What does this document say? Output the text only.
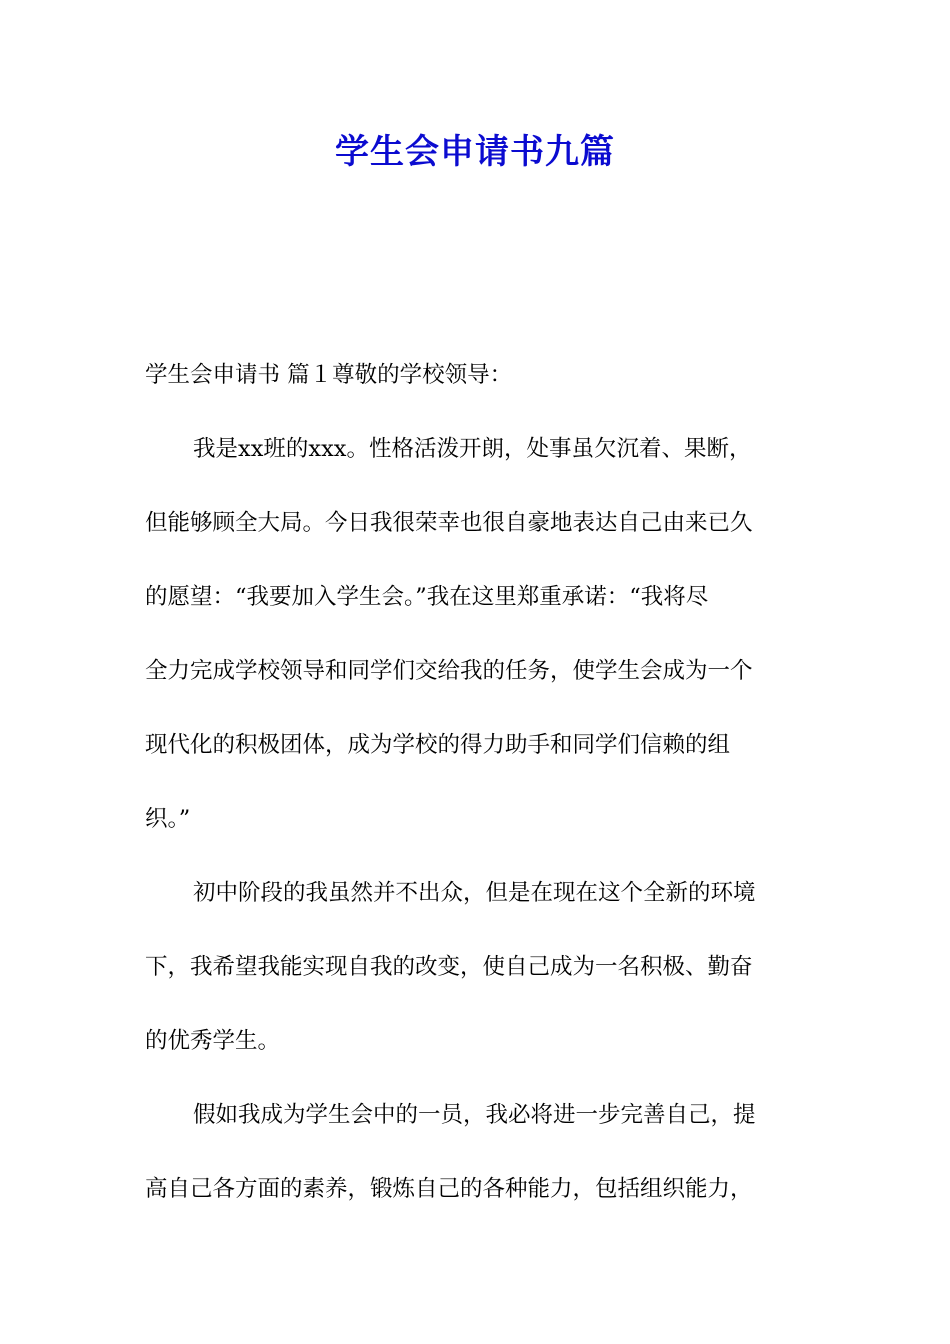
学生会申请书九篇
学生会申请书 篇１尊敬的学校领导：
我是xx班的xxx。性格活泼开朗，处事虽欠沉着、果断，
但能够顾全大局。今日我很荣幸也很自豪地表达自己由来已久
的愿望：“我要加入学生会。”我在这里郑重承诺：“我将尽
全力完成学校领导和同学们交给我的任务，使学生会成为一个
现代化的积极团体，成为学校的得力助手和同学们信赖的组
织。”
初中阶段的我虽然并不出众，但是在现在这个全新的环境
下，我希望我能实现自我的改变，使自己成为一名积极、勤奋
的优秀学生。
假如我成为学生会中的一员，我必将进一步完善自己，提
高自己各方面的素养，锻炼自己的各种能力，包括组织能力，
